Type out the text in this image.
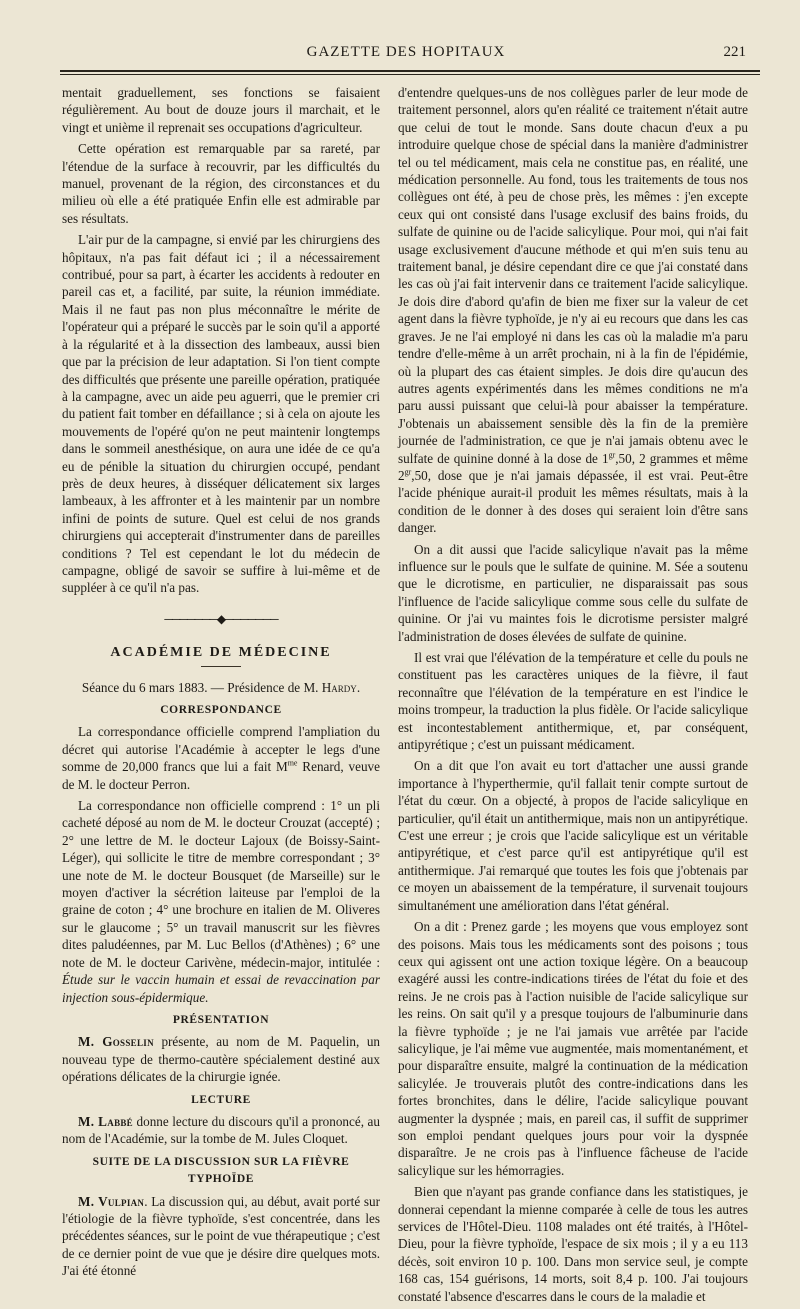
GAZETTE DES HOPITAUX	221

mentait graduellement, ses fonctions se faisaient régulièrement. Au bout de douze jours il marchait, et le vingt et unième il reprenait ses occupations d'agriculteur.

Cette opération est remarquable par sa rareté, par l'étendue de la surface à recouvrir, par les difficultés du manuel, provenant de la région, des circonstances et du milieu où elle a été pratiquée Enfin elle est admirable par ses résultats.

L'air pur de la campagne, si envié par les chirurgiens des hôpitaux, n'a pas fait défaut ici ; il a nécessairement contribué, pour sa part, à écarter les accidents à redouter en pareil cas et, a facilité, par suite, la réunion immédiate. Mais il ne faut pas non plus méconnaître le mérite de l'opérateur qui a préparé le succès par le soin qu'il a apporté à la régularité et à la dissection des lambeaux, aussi bien que par la précision de leur adaptation. Si l'on tient compte des difficultés que présente une pareille opération, pratiquée à la campagne, avec un aide peu aguerri, que le premier cri du patient fait tomber en défaillance ; si à cela on ajoute les mouvements de l'opéré qu'on ne peut maintenir longtemps dans le sommeil anesthésique, on aura une idée de ce qu'a eu de pénible la situation du chirurgien occupé, pendant près de deux heures, à disséquer délicatement six larges lambeaux, à les affronter et à les maintenir par un nombre infini de points de suture. Quel est celui de nos grands chirurgiens qui accepterait d'instrumenter dans de pareilles conditions ? Tel est cependant le lot du médecin de campagne, obligé de savoir se suffire à lui-même et de suppléer à ce qu'il n'a pas.

───────◆───────
ACADÉMIE DE MÉDECINE
Séance du 6 mars 1883. — Présidence de M. Hardy.
CORRESPONDANCE

La correspondance officielle comprend l'ampliation du décret qui autorise l'Académie à accepter le legs d'une somme de 20,000 francs que lui a fait $M^{me}$ Renard, veuve de M. le docteur Perron.

La correspondance non officielle comprend : 1° un pli cacheté déposé au nom de M. le docteur Crouzat (accepté) ; 2° une lettre de M. le docteur Lajoux (de Boissy-Saint-Léger), qui sollicite le titre de membre correspondant ; 3° une note de M. le docteur Bousquet (de Marseille) sur le moyen d'activer la sécrétion laiteuse par l'emploi de la graine de coton ; 4° une brochure en italien de M. Oliveres sur le glaucome ; 5° un travail manuscrit sur les fièvres dites paludéennes, par M. Luc Bellos (d'Athènes) ; 6° une note de M. le docteur Carivène, médecin-major, intitulée : Étude sur le vaccin humain et essai de revaccination par injection sous-épidermique.

PRÉSENTATION

M. Gosselin présente, au nom de M. Paquelin, un nouveau type de thermo-cautère spécialement destiné aux opérations délicates de la chirurgie ignée.

LECTURE

M. Labbé donne lecture du discours qu'il a prononcé, au nom de l'Académie, sur la tombe de M. Jules Cloquet.

SUITE DE LA DISCUSSION SUR LA FIÈVRE TYPHOÏDE

M. Vulpian. La discussion qui, au début, avait porté sur l'étiologie de la fièvre typhoïde, s'est concentrée, dans les précédentes séances, sur le point de vue thérapeutique ; c'est de ce dernier point de vue que je désire dire quelques mots. J'ai été étonné

d'entendre quelques-uns de nos collègues parler de leur mode de traitement personnel, alors qu'en réalité ce traitement n'était autre que celui de tout le monde. Sans doute chacun d'eux a pu introduire quelque chose de spécial dans la manière d'administrer tel ou tel médicament, mais cela ne constitue pas, en réalité, une médication personnelle. Au fond, tous les traitements de tous nos collègues ont été, à peu de chose près, les mêmes : j'en excepte ceux qui ont consisté dans l'usage exclusif des bains froids, du sulfate de quinine ou de l'acide salicylique. Pour moi, qui n'ai fait usage exclusivement d'aucune méthode et qui m'en suis tenu au traitement banal, je désire cependant dire ce que j'ai constaté dans les cas où j'ai fait intervenir dans ce traitement l'acide salicylique. Je dois dire d'abord qu'afin de bien me fixer sur la valeur de cet agent dans la fièvre typhoïde, je n'y ai eu recours que dans les cas graves. Je ne l'ai employé ni dans les cas où la maladie m'a paru tendre d'elle-même à un arrêt prochain, ni à la fin de l'épidémie, où la plupart des cas étaient simples. Je dois dire qu'aucun des autres agents expérimentés dans les mêmes conditions ne m'a paru aussi puissant que celui-là pour abaisser la température. J'obtenais un abaissement sensible dès la fin de la première journée de l'administration, ce que je n'ai jamais obtenu avec le sulfate de quinine donné à la dose de $1^{gr},50$, 2 grammes et même $2^{gr},50$, dose que je n'ai jamais dépassée, il est vrai. Peut-être l'acide phénique aurait-il produit les mêmes résultats, mais à la condition de le donner à des doses qui seraient loin d'être sans danger.

On a dit aussi que l'acide salicylique n'avait pas la même influence sur le pouls que le sulfate de quinine. M. Sée a soutenu que le dicrotisme, en particulier, ne disparaissait pas sous l'influence de l'acide salicylique comme sous celle du sulfate de quinine. Or j'ai vu maintes fois le dicrotisme persister malgré l'administration de doses élevées de sulfate de quinine.

Il est vrai que l'élévation de la température et celle du pouls ne constituent pas les caractères uniques de la fièvre, il faut reconnaître que l'élévation de la température en est l'indice le moins trompeur, la traduction la plus fidèle. Or l'acide salicylique est incontestablement antithermique, et, par conséquent, antipyrétique ; c'est un puissant médicament.

On a dit que l'on avait eu tort d'attacher une aussi grande importance à l'hyperthermie, qu'il fallait tenir compte surtout de l'état du cœur. On a objecté, à propos de l'acide salicylique en particulier, qu'il était un antithermique, mais non un antipyrétique. C'est une erreur ; je crois que l'acide salicylique est un véritable antipyrétique, et c'est parce qu'il est antipyrétique qu'il est antithermique. J'ai remarqué que toutes les fois que j'obtenais par ce moyen un abaissement de la température, il survenait toujours simultanément une amélioration dans l'état général.

On a dit : Prenez garde ; les moyens que vous employez sont des poisons. Mais tous les médicaments sont des poisons ; tous ceux qui agissent ont une action toxique légère. On a beaucoup exagéré aussi les contre-indications tirées de l'état du foie et des reins. Je ne crois pas à l'action nuisible de l'acide salicylique sur les reins. On sait qu'il y a presque toujours de l'albuminurie dans la fièvre typhoïde ; je ne l'ai jamais vue arrêtée par l'acide salicylique, je l'ai même vue augmentée, mais momentanément, et pour disparaître ensuite, malgré la continuation de la médication salicylée. Je trouverais plutôt des contre-indications dans les fortes bronchites, dans le délire, l'acide salicylique pouvant augmenter la dyspnée ; mais, en pareil cas, il suffit de supprimer son emploi pendant quelques jours pour voir la dyspnée disparaître. Je ne crois pas à l'influence fâcheuse de l'acide salicylique sur les hémorragies.

Bien que n'ayant pas grande confiance dans les statistiques, je donnerai cependant la mienne comparée à celle de tous les autres services de l'Hôtel-Dieu. 1108 malades ont été traités, à l'Hôtel-Dieu, pour la fièvre typhoïde, l'espace de six mois ; il y a eu 113 décès, soit environ 10 p. 100. Dans mon service seul, je compte 168 cas, 154 guérisons, 14 morts, soit 8,4 p. 100. J'ai toujours constaté l'absence d'escarres dans le cours de la maladie et
